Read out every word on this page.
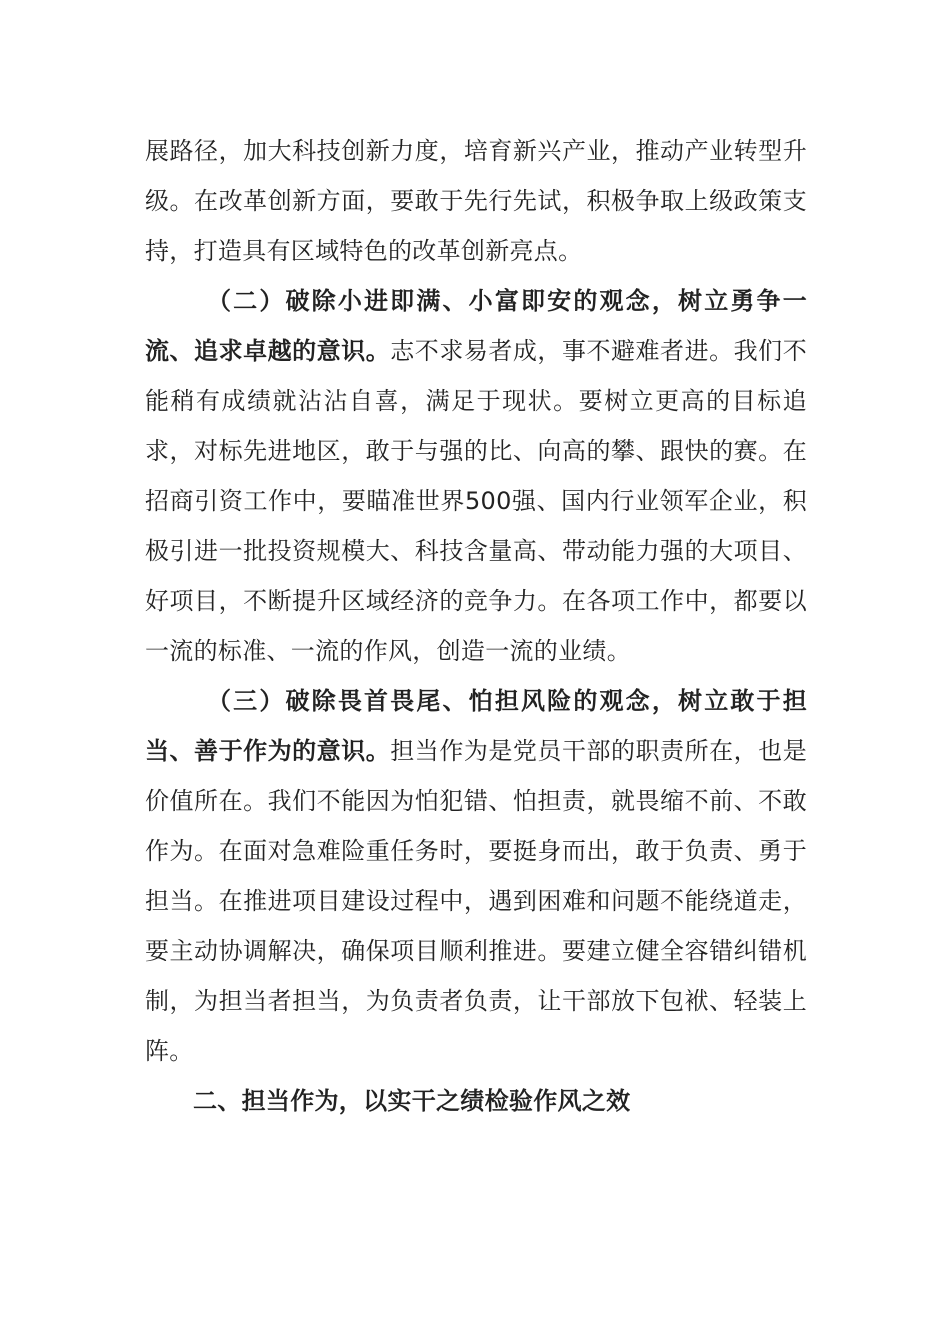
展路径，加大科技创新力度，培育新兴产业，推动产业转型升级。在改革创新方面，要敢于先行先试，积极争取上级政策支持，打造具有区域特色的改革创新亮点。

（二）破除小进即满、小富即安的观念，树立勇争一流、追求卓越的意识。志不求易者成，事不避难者进。我们不能稍有成绩就沾沾自喜，满足于现状。要树立更高的目标追求，对标先进地区，敢于与强的比、向高的攀、跟快的赛。在招商引资工作中，要瞄准世界500强、国内行业领军企业，积极引进一批投资规模大、科技含量高、带动能力强的大项目、好项目，不断提升区域经济的竞争力。在各项工作中，都要以一流的标准、一流的作风，创造一流的业绩。

（三）破除畏首畏尾、怕担风险的观念，树立敢于担当、善于作为的意识。担当作为是党员干部的职责所在，也是价值所在。我们不能因为怕犯错、怕担责，就畏缩不前、不敢作为。在面对急难险重任务时，要挺身而出，敢于负责、勇于担当。在推进项目建设过程中，遇到困难和问题不能绕道走，要主动协调解决，确保项目顺利推进。要建立健全容错纠错机制，为担当者担当，为负责者负责，让干部放下包袱、轻装上阵。

二、担当作为，以实干之绩检验作风之效
